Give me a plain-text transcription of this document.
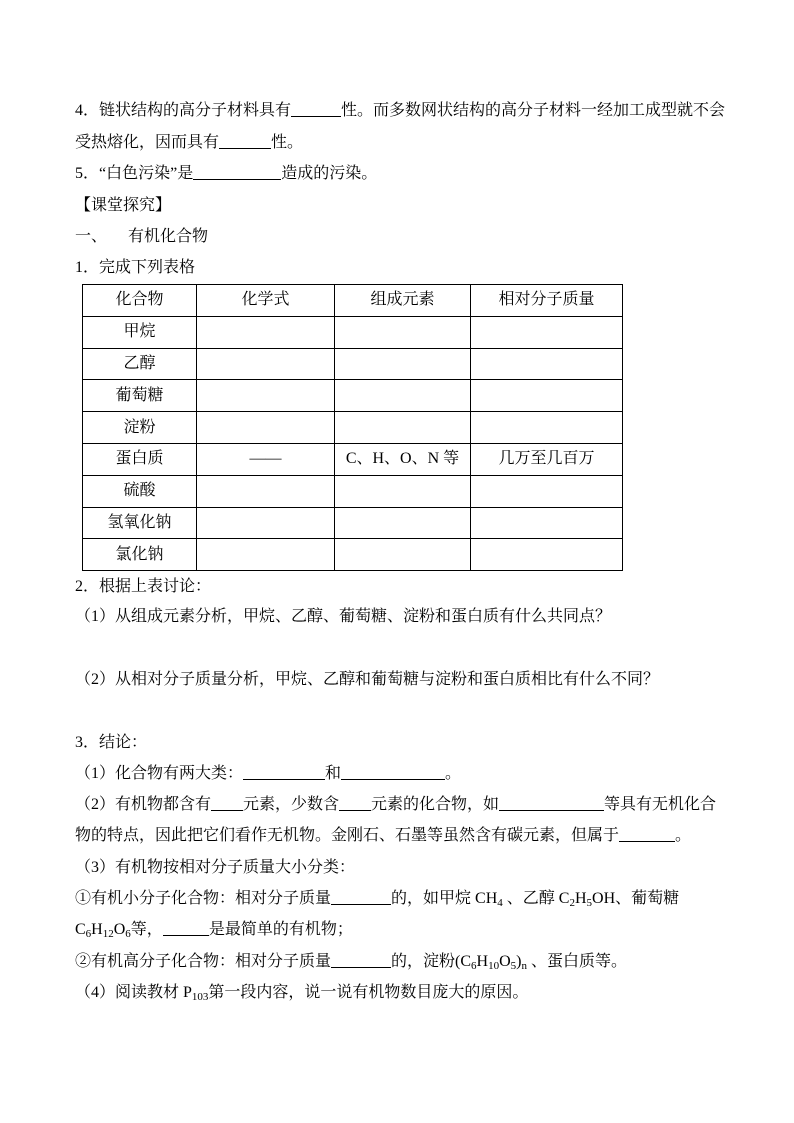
4．链状结构的高分子材料具有	性。而多数网状结构的高分子材料一经加工成型就不会
受热熔化，因而具有	性。
5．“白色污染”是	造成的污染。
【课堂探究】
一、 有机化合物
1．完成下列表格
化合物	化学式	组成元素	相对分子质量
甲烷			
乙醇			
葡萄糖			
淀粉			
蛋白质	——	C、H、O、N 等	几万至几百万
硫酸			
氢氧化钠			
氯化钠			
2．根据上表讨论：
（1）从组成元素分析，甲烷、乙醇、葡萄糖、淀粉和蛋白质有什么共同点？
（2）从相对分子质量分析，甲烷、乙醇和葡萄糖与淀粉和蛋白质相比有什么不同？
3．结论：
（1）化合物有两大类：	和	。
（2）有机物都含有 元素，少数含 元素的化合物，如	等具有无机化合
物的特点，因此把它们看作无机物。金刚石、石墨等虽然含有碳元素，但属于	。
（3）有机物按相对分子质量大小分类：
①有机小分子化合物：相对分子质量	的，如甲烷 $CH_4$ 、乙醇 $C_2H_5OH$、葡萄糖
$C_6H_{12}O_6$等，	是最简单的有机物；
②有机高分子化合物：相对分子质量	的，淀粉$(C_6H_{10}O_5)_n$ 、蛋白质等。
（4）阅读教材 $P_{103}$第一段内容，说一说有机物数目庞大的原因。
